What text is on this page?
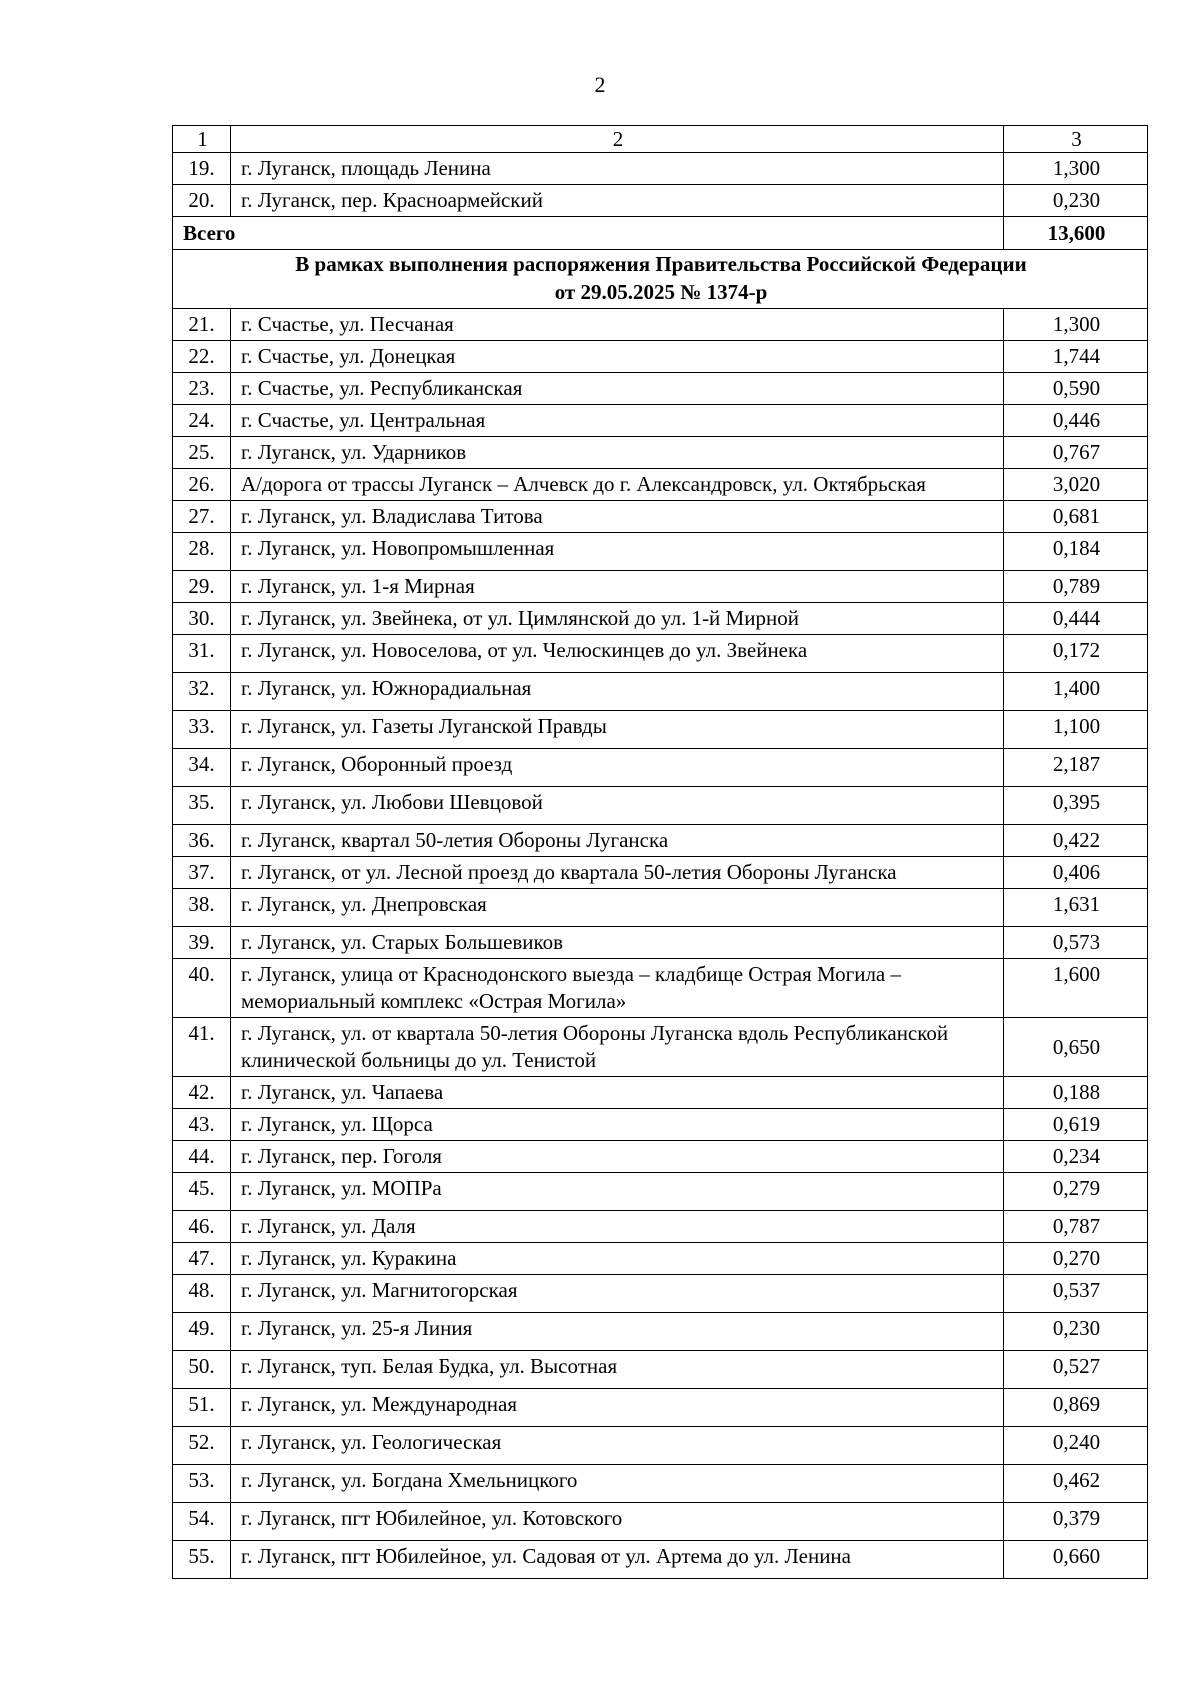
2
1	2	3
19.	г. Луганск, площадь Ленина	1,300
20.	г. Луганск, пер. Красноармейский	0,230
Всего		13,600

В рамках выполнения распоряжения Правительства Российской Федерации
от 29.05.2025 № 1374-р		

21.	г. Счастье, ул. Песчаная	1,300
22.	г. Счастье, ул. Донецкая	1,744
23.	г. Счастье, ул. Республиканская	0,590
24.	г. Счастье, ул. Центральная	0,446
25.	г. Луганск, ул. Ударников	0,767
26.	А/дорога от трассы Луганск – Алчевск до г. Александровск, ул. Октябрьская	3,020
27.	г. Луганск, ул. Владислава Титова	0,681
28.	г. Луганск, ул. Новопромышленная	0,184
29.	г. Луганск, ул. 1-я Мирная	0,789
30.	г. Луганск, ул. Звейнека, от ул. Цимлянской до ул. 1-й Мирной	0,444
31.	г. Луганск, ул. Новоселова, от ул. Челюскинцев до ул. Звейнека	0,172
32.	г. Луганск, ул. Южнорадиальная	1,400
33.	г. Луганск, ул. Газеты Луганской Правды	1,100
34.	г. Луганск, Оборонный проезд	2,187
35.	г. Луганск, ул. Любови Шевцовой	0,395
36.	г. Луганск, квартал 50-летия Обороны Луганска	0,422
37.	г. Луганск, от ул. Лесной проезд до квартала 50-летия Обороны Луганска	0,406
38.	г. Луганск, ул. Днепровская	1,631
39.	г. Луганск, ул. Старых Большевиков	0,573
40.	г. Луганск, улица от Краснодонского выезда – кладбище Острая Могила – мемориальный комплекс «Острая Могила»	1,600
41.	г. Луганск, ул. от квартала 50-летия Обороны Луганска вдоль Республиканской клинической больницы до ул. Тенистой	0,650
42.	г. Луганск, ул. Чапаева	0,188
43.	г. Луганск, ул. Щорса	0,619
44.	г. Луганск, пер. Гоголя	0,234
45.	г. Луганск, ул. МОПРа	0,279
46.	г. Луганск, ул. Даля	0,787
47.	г. Луганск, ул. Куракина	0,270
48.	г. Луганск, ул. Магнитогорская	0,537
49.	г. Луганск, ул. 25-я Линия	0,230
50.	г. Луганск, туп. Белая Будка, ул. Высотная	0,527
51.	г. Луганск, ул. Международная	0,869
52.	г. Луганск, ул. Геологическая	0,240
53.	г. Луганск, ул. Богдана Хмельницкого	0,462
54.	г. Луганск, пгт Юбилейное, ул. Котовского	0,379
55.	г. Луганск, пгт Юбилейное, ул. Садовая от ул. Артема до ул. Ленина	0,660
